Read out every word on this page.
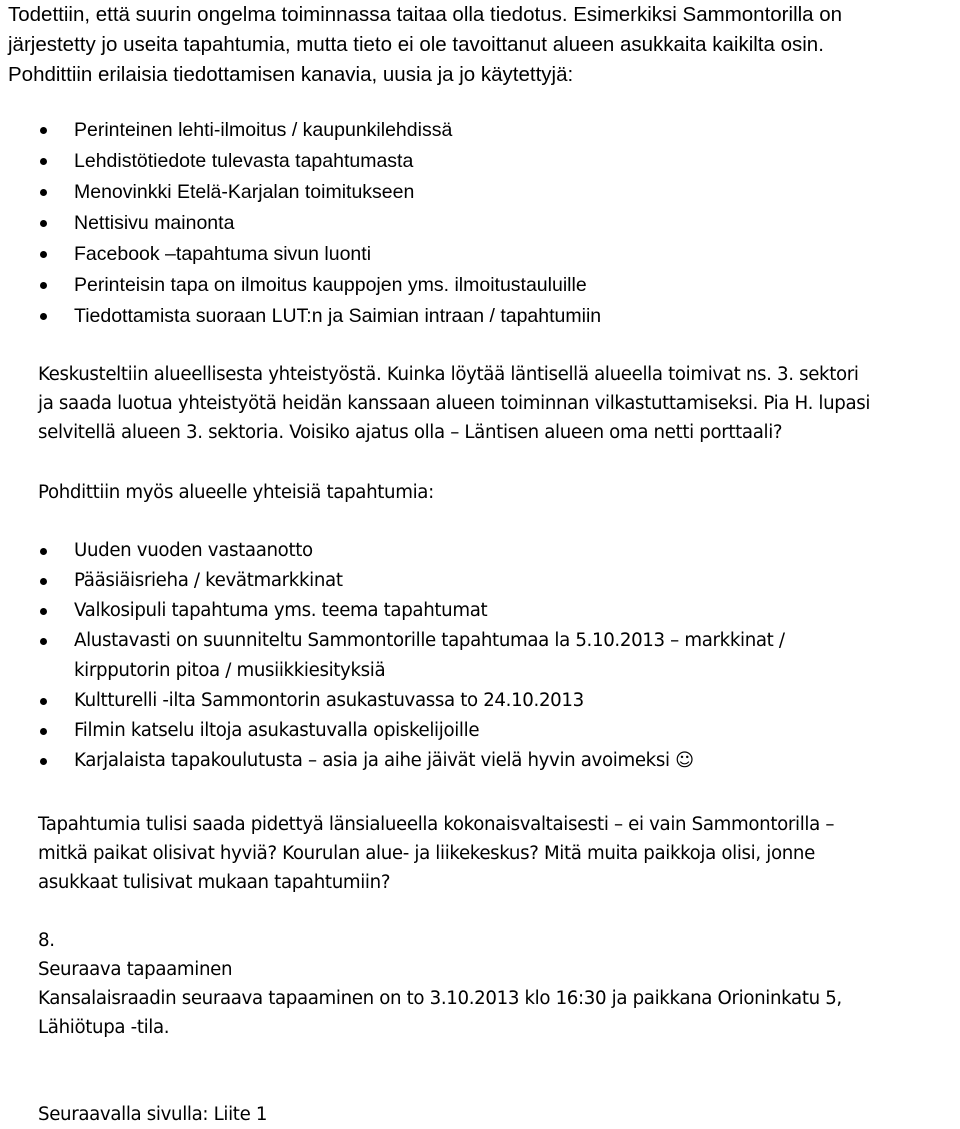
Todettiin, että suurin ongelma toiminnassa taitaa olla tiedotus. Esimerkiksi Sammontorilla on
järjestetty jo useita tapahtumia, mutta tieto ei ole tavoittanut alueen asukkaita kaikilta osin.
Pohdittiin erilaisia tiedottamisen kanavia, uusia ja jo käytettyjä:

Perinteinen lehti-ilmoitus / kaupunkilehdissä
Lehdistötiedote tulevasta tapahtumasta
Menovinkki Etelä-Karjalan toimitukseen
Nettisivu mainonta
Facebook –tapahtuma sivun luonti
Perinteisin tapa on ilmoitus kauppojen yms. ilmoitustauluille
Tiedottamista suoraan LUT:n ja Saimian intraan / tapahtumiin

Keskusteltiin alueellisesta yhteistyöstä. Kuinka löytää läntisellä alueella toimivat ns. 3. sektori
ja saada luotua yhteistyötä heidän kanssaan alueen toiminnan vilkastuttamiseksi. Pia H. lupasi
selvitellä alueen 3. sektoria. Voisiko ajatus olla – Läntisen alueen oma netti porttaali?

Pohdittiin myös alueelle yhteisiä tapahtumia:

Uuden vuoden vastaanotto
Pääsiäisrieha / kevätmarkkinat
Valkosipuli tapahtuma yms. teema tapahtumat
Alustavasti on suunniteltu Sammontorille tapahtumaa la 5.10.2013 – markkinat /
kirpputorin pitoa / musiikkiesityksiä
Kultturelli -ilta Sammontorin asukastuvassa to 24.10.2013
Filmin katselu iltoja asukastuvalla opiskelijoille
Karjalaista tapakoulutusta – asia ja aihe jäivät vielä hyvin avoimeksi ☺

Tapahtumia tulisi saada pidettyä länsialueella kokonaisvaltaisesti – ei vain Sammontorilla –
mitkä paikat olisivat hyviä? Kourulan alue- ja liikekeskus? Mitä muita paikkoja olisi, jonne
asukkaat tulisivat mukaan tapahtumiin?

8.
Seuraava tapaaminen

Kansalaisraadin seuraava tapaaminen on to 3.10.2013 klo 16:30 ja paikkana Orioninkatu 5,
Lähiötupa -tila.

Seuraavalla sivulla: Liite 1
